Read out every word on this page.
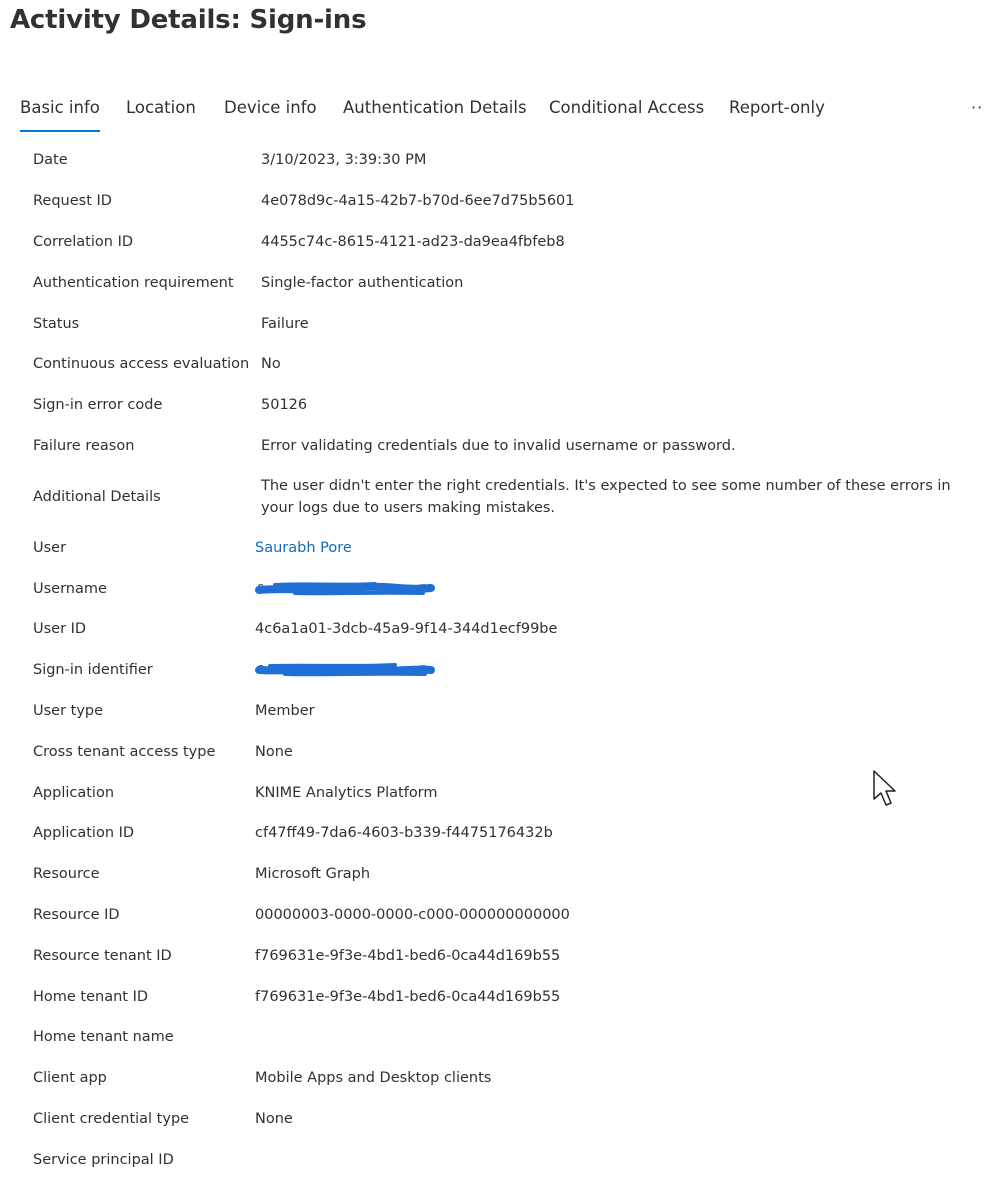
Activity Details: Sign-ins
Basic info Location Device info Authentication Details Conditional Access Report-only	··
Date	3/10/2023, 3:39:30 PM
Request ID	4e078d9c-4a15-42b7-b70d-6ee7d75b5601
Correlation ID	4455c74c-8615-4121-ad23-da9ea4fbfeb8
Authentication requirement Single-factor authentication
Status	Failure
Continuous access evaluation No
Sign-in error code	50126
Failure reason	Error validating credentials due to invalid username or password.
Additional Details
The user didn't enter the right credentials. It's expected to see some number of these errors in your logs due to users making mistakes.
User	Saurabh Pore
Username	s	n
User ID	4c6a1a01-3dcb-45a9-9f14-344d1ecf99be
Sign-in identifier	s	n
User type	Member
Cross tenant access type	None
Application	KNIME Analytics Platform
Application ID	cf47ff49-7da6-4603-b339-f4475176432b
Resource	Microsoft Graph
Resource ID	00000003-0000-0000-c000-000000000000
Resource tenant ID	f769631e-9f3e-4bd1-bed6-0ca44d169b55
Home tenant ID	f769631e-9f3e-4bd1-bed6-0ca44d169b55
Home tenant name
Client app	Mobile Apps and Desktop clients
Client credential type	None
Service principal ID
